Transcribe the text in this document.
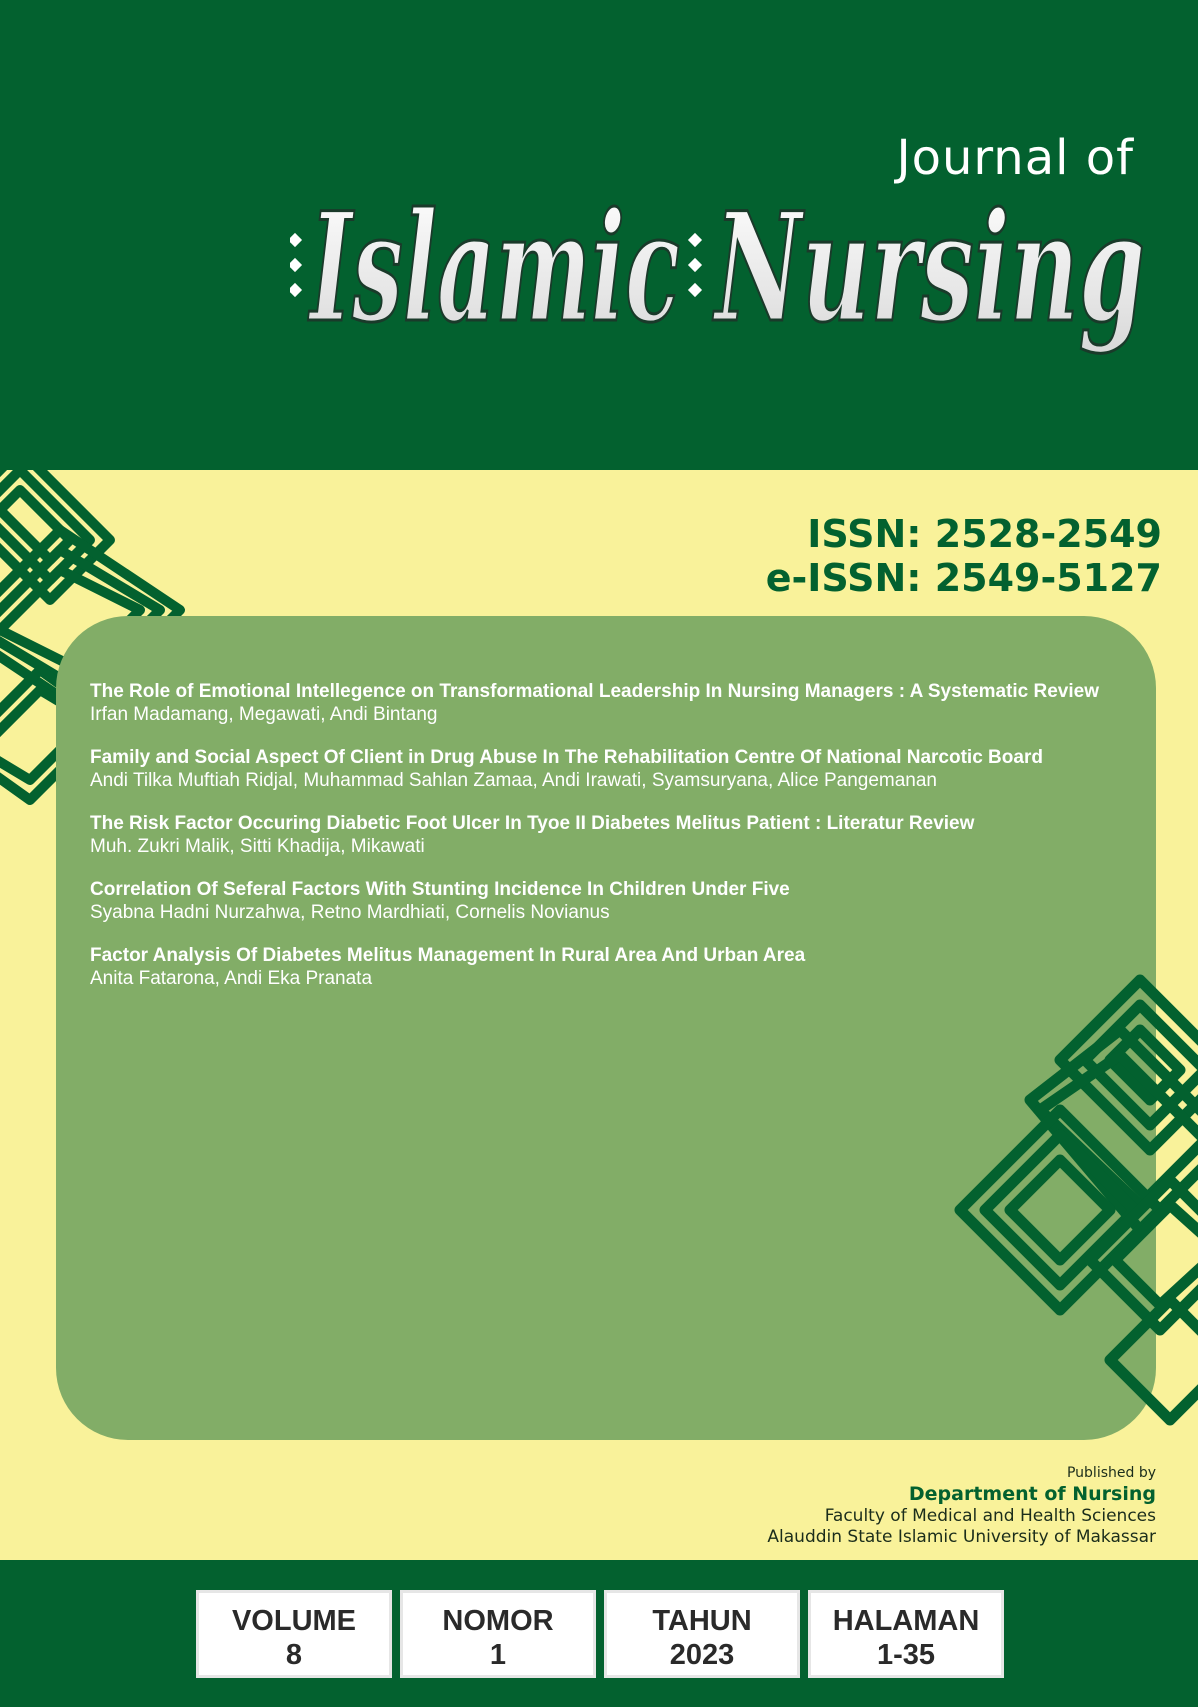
Journal of
Islamic Nursing
ISSN: 2528-2549
e-ISSN: 2549-5127
The Role of Emotional Intellegence on Transformational Leadership In Nursing Managers : A Systematic Review
Irfan Madamang, Megawati, Andi Bintang
Family and Social Aspect Of Client in Drug Abuse In The Rehabilitation Centre Of National Narcotic Board
Andi Tilka Muftiah Ridjal, Muhammad Sahlan Zamaa, Andi Irawati, Syamsuryana, Alice Pangemanan
The Risk Factor Occuring Diabetic Foot Ulcer In Tyoe II Diabetes Melitus Patient : Literatur Review
Muh. Zukri Malik, Sitti Khadija, Mikawati
Correlation Of Seferal Factors With Stunting Incidence In Children Under Five
Syabna Hadni Nurzahwa, Retno Mardhiati, Cornelis Novianus
Factor Analysis Of Diabetes Melitus Management In Rural Area And Urban Area
Anita Fatarona, Andi Eka Pranata
Published by
Department of Nursing
Faculty of Medical and Health Sciences
Alauddin State Islamic University of Makassar
VOLUME
8
NOMOR
1
TAHUN
2023
HALAMAN
1-35
